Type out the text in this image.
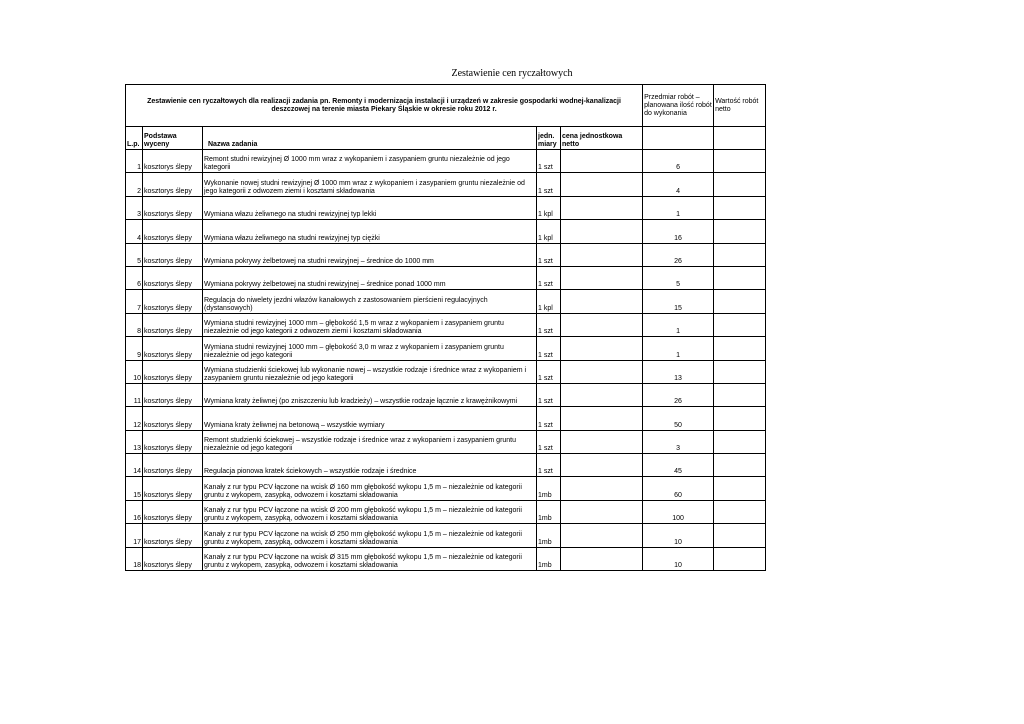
Zestawienie cen ryczałtowych
Zestawienie cen ryczałtowych dla realizacji zadania pn. Remonty i modernizacja instalacji i urządzeń w zakresie gospodarki wodnej-kanalizacji deszczowej na terenie miasta Piekary Śląskie w okresie roku 2012 r.					Przedmiar robót – planowana ilość robót do wykonania	Wartość robót netto
L.p.	Podstawa wyceny	Nazwa zadania	jedn. miary	cena jednostkowa netto		
1	kosztorys ślepy	Remont studni rewizyjnej Ø 1000 mm wraz z wykopaniem i zasypaniem gruntu niezależnie od jego kategorii	1 szt		6	
2	kosztorys ślepy	Wykonanie nowej studni rewizyjnej Ø 1000 mm wraz z wykopaniem i zasypaniem gruntu niezależnie od jego kategorii z odwozem ziemi i kosztami składowania	1 szt		4	
3	kosztorys ślepy	Wymiana włazu żeliwnego na studni rewizyjnej typ lekki	1 kpl		1	
4	kosztorys ślepy	Wymiana włazu żeliwnego na studni rewizyjnej typ ciężki	1 kpl		16	
5	kosztorys ślepy	Wymiana pokrywy żelbetowej na studni rewizyjnej – średnice do 1000 mm	1 szt		26	
6	kosztorys ślepy	Wymiana pokrywy żelbetowej na studni rewizyjnej – średnice ponad 1000 mm	1 szt		5	
7	kosztorys ślepy	Regulacja do niwelety jezdni włazów kanałowych z zastosowaniem pierścieni regulacyjnych (dystansowych)	1 kpl		15	
8	kosztorys ślepy	Wymiana studni rewizyjnej 1000 mm – głębokość 1,5 m wraz z wykopaniem i zasypaniem gruntu niezależnie od jego kategorii z odwozem ziemi i kosztami składowania	1 szt		1	
9	kosztorys ślepy	Wymiana studni rewizyjnej 1000 mm – głębokość 3,0 m wraz z wykopaniem i zasypaniem gruntu niezależnie od jego kategorii	1 szt		1	
10	kosztorys ślepy	Wymiana studzienki ściekowej lub wykonanie nowej – wszystkie rodzaje i średnice wraz z wykopaniem i zasypaniem gruntu niezależnie od jego kategorii	1 szt		13	
11	kosztorys ślepy	Wymiana kraty żeliwnej (po zniszczeniu lub kradzieży) – wszystkie rodzaje łącznie z krawężnikowymi	1 szt		26	
12	kosztorys ślepy	Wymiana kraty żeliwnej na betonową – wszystkie wymiary	1 szt		50	
13	kosztorys ślepy	Remont studzienki ściekowej – wszystkie rodzaje i średnice wraz z wykopaniem i zasypaniem gruntu niezależnie od jego kategorii	1 szt		3	
14	kosztorys ślepy	Regulacja pionowa kratek ściekowych – wszystkie rodzaje i średnice	1 szt		45	
15	kosztorys ślepy	Kanały z rur typu PCV łączone na wcisk Ø 160 mm głębokość wykopu 1,5 m – niezależnie od kategorii gruntu z wykopem, zasypką, odwozem i kosztami składowania	1mb		60	
16	kosztorys ślepy	Kanały z rur typu PCV łączone na wcisk Ø 200 mm głębokość wykopu 1,5 m – niezależnie od kategorii gruntu z wykopem, zasypką, odwozem i kosztami składowania	1mb		100	
17	kosztorys ślepy	Kanały z rur typu PCV łączone na wcisk Ø 250 mm głębokość wykopu 1,5 m – niezależnie od kategorii gruntu z wykopem, zasypką, odwozem i kosztami składowania	1mb		10	
18	kosztorys ślepy	Kanały z rur typu PCV łączone na wcisk Ø 315 mm głębokość wykopu 1,5 m – niezależnie od kategorii gruntu z wykopem, zasypką, odwozem i kosztami składowania	1mb		10	
